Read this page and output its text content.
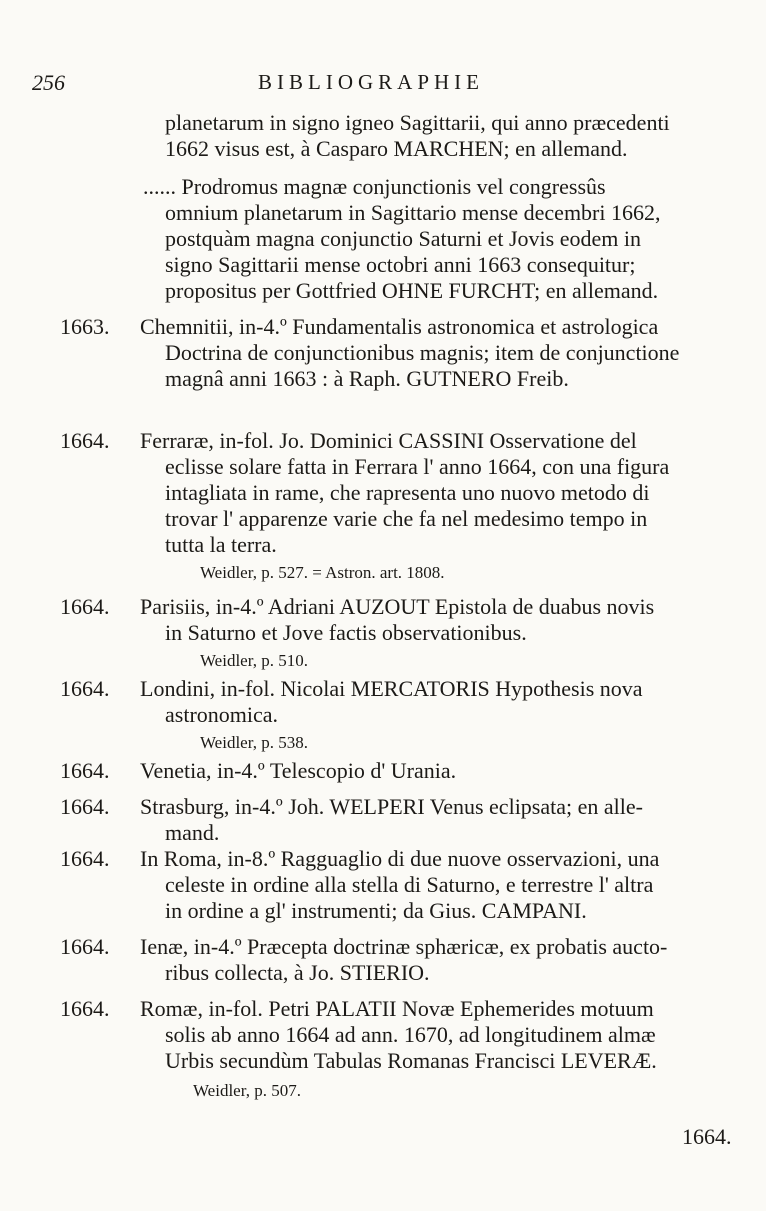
256	BIBLIOGRAPHIE
planetarum in signo igneo Sagittarii, qui anno præcedenti
1662 visus est, à Casparo MARCHEN; en allemand.
...... Prodromus magnæ conjunctionis vel congressûs
omnium planetarum in Sagittario mense decembri 1662,
postquàm magna conjunctio Saturni et Jovis eodem in
signo Sagittarii mense octobri anni 1663 consequitur;
propositus per Gottfried OHNE FURCHT; en allemand.
Chemnitii, in-4.º Fundamentalis astronomica et astrologica
Doctrina de conjunctionibus magnis; item de conjunctione
magnâ anni 1663 : à Raph. GUTNERO Freib.
Ferraræ, in-fol. Jo. Dominici CASSINI Osservatione del
eclisse solare fatta in Ferrara l' anno 1664, con una figura
intagliata in rame, che rapresenta uno nuovo metodo di
trovar l' apparenze varie che fa nel medesimo tempo in
tutta la terra.
Parisiis, in-4.º Adriani AUZOUT Epistola de duabus novis
in Saturno et Jove factis observationibus.
Londini, in-fol. Nicolai MERCATORIS Hypothesis nova
astronomica.
Venetia, in-4.º Telescopio d' Urania.
Strasburg, in-4.º Joh. WELPERI Venus eclipsata; en alle-
mand.
In Roma, in-8.º Ragguaglio di due nuove osservazioni, una
celeste in ordine alla stella di Saturno, e terrestre l' altra
in ordine a gl' instrumenti; da Gius. CAMPANI.
Ienæ, in-4.º Præcepta doctrinæ sphæricæ, ex probatis aucto-
ribus collecta, à Jo. STIERIO.
Romæ, in-fol. Petri PALATII Novæ Ephemerides motuum
solis ab anno 1664 ad ann. 1670, ad longitudinem almæ
Urbis secundùm Tabulas Romanas Francisci LEVERÆ.
1663.
1664.
1664.
1664.
1664.
1664.
1664.
1664.
1664.
Weidler, p. 527. = Astron. art. 1808.
Weidler, p. 510.
Weidler, p. 538.
Weidler, p. 507.
1664.
